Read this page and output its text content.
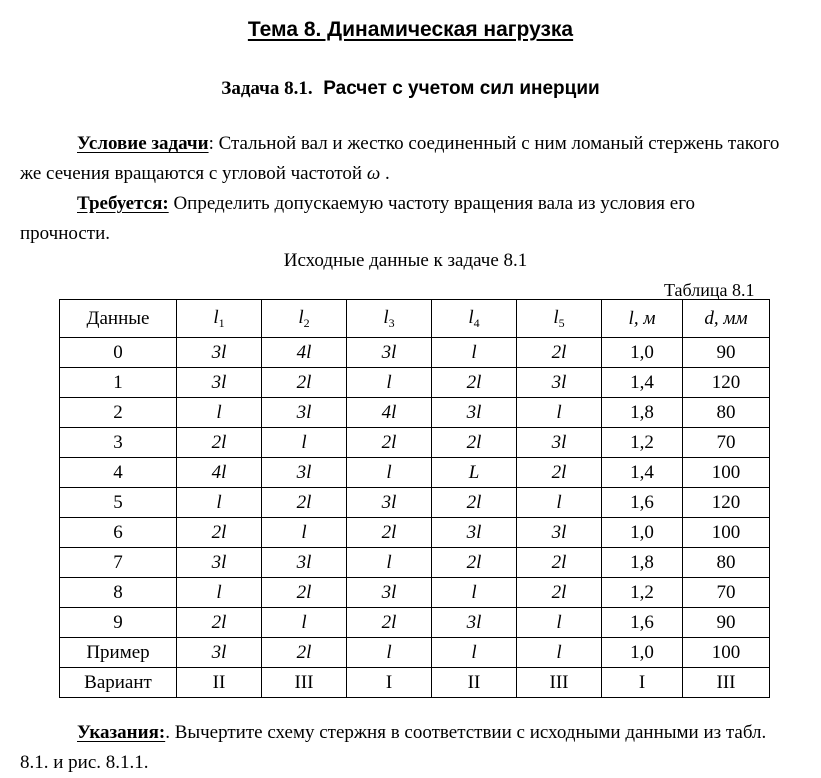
Тема 8. Динамическая нагрузка
Задача 8.1. Расчет с учетом сил инерции
Условие задачи: Стальной вал и жестко соединенный с ним ломаный стержень такого же сечения вращаются с угловой частотой ω .
Требуется: Определить допускаемую частоту вращения вала из условия его прочности.
Исходные данные к задаче 8.1
Таблица 8.1
Данные	$l_1$	$l_2$	$l_3$	$l_4$	$l_5$	l, м	d, мм
0	3l	4l	3l	l	2l	1,0	90
1	3l	2l	l	2l	3l	1,4	120
2	l	3l	4l	3l	l	1,8	80
3	2l	l	2l	2l	3l	1,2	70
4	4l	3l	l	L	2l	1,4	100
5	l	2l	3l	2l	l	1,6	120
6	2l	l	2l	3l	3l	1,0	100
7	3l	3l	l	2l	2l	1,8	80
8	l	2l	3l	l	2l	1,2	70
9	2l	l	2l	3l	l	1,6	90
Пример	3l	2l	l	l	l	1,0	100
Вариант	II	III	I	II	III	I	III
Указания:. Вычертите схему стержня в соответствии с исходными данными из табл. 8.1. и рис. 8.1.1.
